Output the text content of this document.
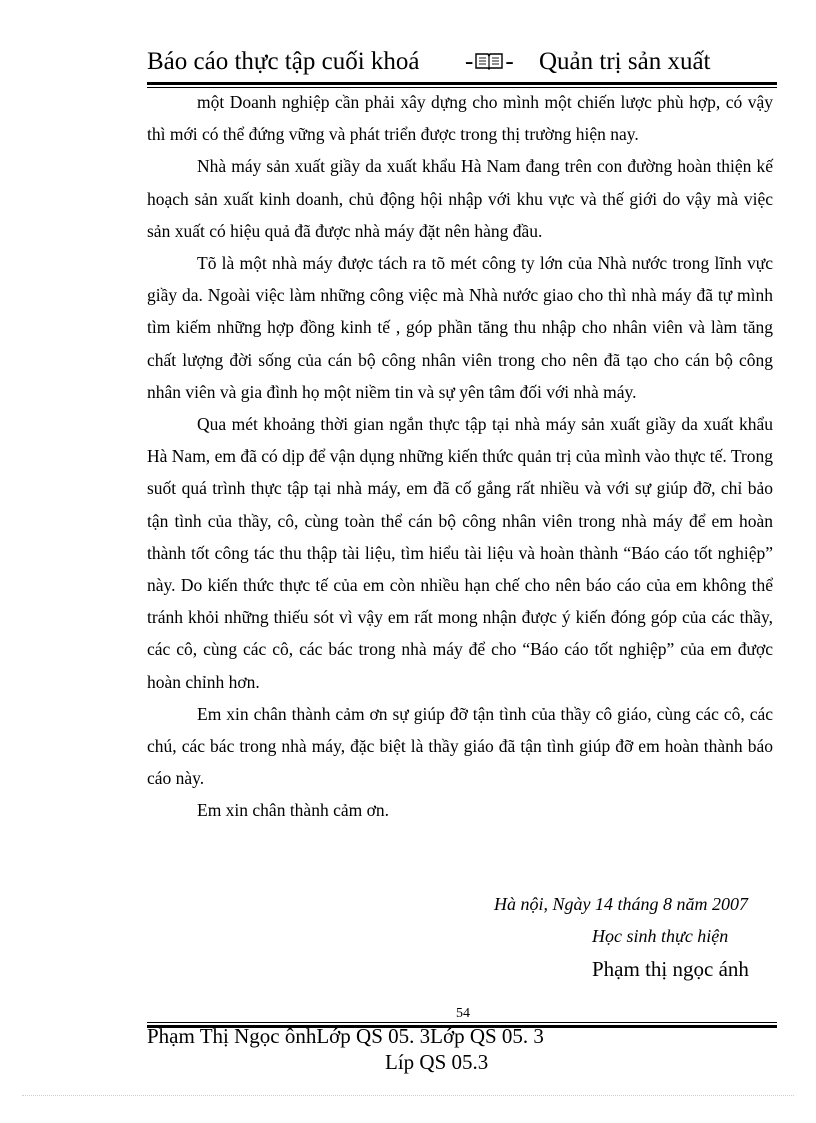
Báo cáo thực tập cuối khoá - - Quản trị sản xuất

một Doanh nghiệp cần phải xây dựng cho mình một chiến lược phù hợp, có vậy thì mới có thể đứng vững và phát triển được trong thị trường hiện nay.

Nhà máy sản xuất giầy da xuất khẩu Hà Nam đang trên con đường hoàn thiện kế hoạch sản xuất kinh doanh, chủ động hội nhập với khu vực và thế giới do vậy mà việc sản xuất có hiệu quả đã được nhà máy đặt nên hàng đầu.

Tõ là một nhà máy được tách ra tõ mét công ty lớn của Nhà nước trong lĩnh vực giầy da. Ngoài việc làm những công việc mà Nhà nước giao cho thì nhà máy đã tự mình tìm kiếm những hợp đồng kinh tế , góp phần tăng thu nhập cho nhân viên và làm tăng chất lượng đời sống của cán bộ công nhân viên trong cho nên đã tạo cho cán bộ công nhân viên và gia đình họ một niềm tin và sự yên tâm đối với nhà máy.

Qua mét khoảng thời gian ngắn thực tập tại nhà máy sản xuất giầy da xuất khẩu Hà Nam, em đã có dịp để vận dụng những kiến thức quản trị của mình vào thực tế. Trong suốt quá trình thực tập tại nhà máy, em đã cố gắng rất nhiều và với sự giúp đỡ, chỉ bảo tận tình của thầy, cô, cùng toàn thể cán bộ công nhân viên trong nhà máy để em hoàn thành tốt công tác thu thập tài liệu, tìm hiểu tài liệu và hoàn thành “Báo cáo tốt nghiệp” này. Do kiến thức thực tế của em còn nhiều hạn chế cho nên báo cáo của em không thể tránh khỏi những thiếu sót vì vậy em rất mong nhận được ý kiến đóng góp của các thầy, các cô, cùng các cô, các bác trong nhà máy để cho “Báo cáo tốt nghiệp” của em được hoàn chỉnh hơn.

Em xin chân thành cảm ơn sự giúp đỡ tận tình của thầy cô giáo, cùng các cô, các chú, các bác trong nhà máy, đặc biệt là thầy giáo đã tận tình giúp đỡ em hoàn thành báo cáo này.

Em xin chân thành cảm ơn.

Hà nội, Ngày 14 tháng 8 năm 2007
Học sinh thực hiện
Phạm thị ngọc ánh
54
Phạm Thị Ngọc ônhLớp QS 05. 3Lớp QS 05. 3
Líp QS 05.3
